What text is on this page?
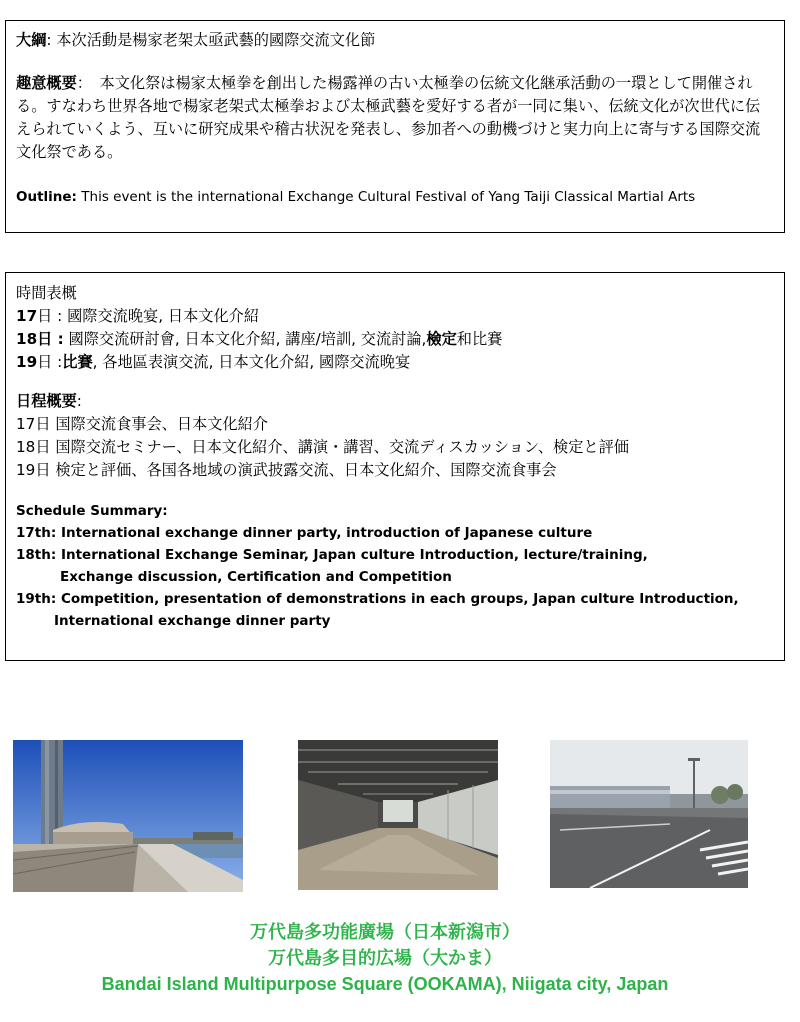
大綱: 本次活動是楊家老架太亟武藝的國際交流文化節
趣意概要：　本文化祭は楊家太極拳を創出した楊露禅の古い太極拳の伝統文化継承活動の一環として開催される。すなわち世界各地で楊家老架式太極拳および太極武藝を愛好する者が一同に集い、伝統文化が次世代に伝えられていくよう、互いに研究成果や稽古状況を発表し、参加者への動機づけと実力向上に寄与する国際交流文化祭である。
Outline: This event is the international Exchange Cultural Festival of Yang Taiji Classical Martial Arts
時間表概
17日 : 國際交流晚宴, 日本文化介紹
18日 : 國際交流研討會, 日本文化介紹, 講座/培訓, 交流討論,檢定和比賽
19日 :比賽, 各地區表演交流, 日本文化介紹, 國際交流晚宴
日程概要:
17日 国際交流食事会、日本文化紹介
18日 国際交流セミナー、日本文化紹介、講演・講習、交流ディスカッション、検定と評価
19日 検定と評価、各国各地域の演武披露交流、日本文化紹介、国際交流食事会
Schedule Summary:
17th: International exchange dinner party, introduction of Japanese culture
18th: International Exchange Seminar, Japan culture Introduction, lecture/training,
Exchange discussion, Certification and Competition
19th: Competition, presentation of demonstrations in each groups, Japan culture Introduction,
International exchange dinner party
万代島多功能廣場（日本新潟市）
万代島多目的広場（大かま）
Bandai Island Multipurpose Square (OOKAMA), Niigata city, Japan
